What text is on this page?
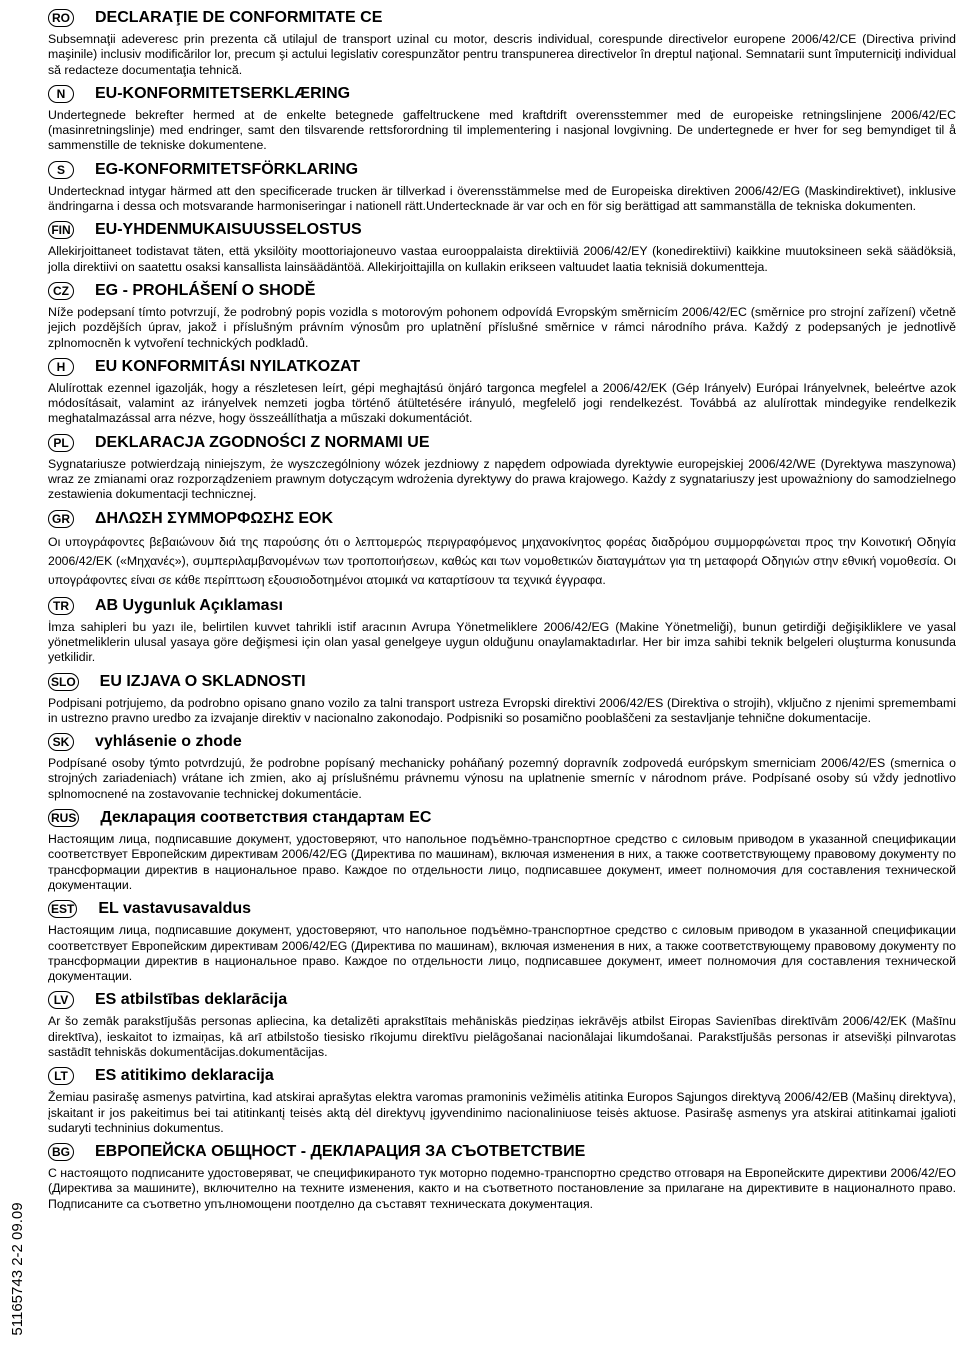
51165743 2-2 09.09
RO DECLARAŢIE DE CONFORMITATE CE
Subsemnaţii adeveresc prin prezenta că utilajul de transport uzinal cu motor, descris individual, corespunde directivelor europene 2006/42/CE (Directiva privind maşinile) inclusiv modificărilor lor, precum şi actului legislativ corespunzător pentru transpunerea directivelor în dreptul naţional. Semnatarii sunt împuterniciţi individual să redacteze documentaţia tehnică.
N	EU-KONFORMITETSERKLÆRING
Undertegnede bekrefter hermed at de enkelte betegnede gaffeltruckene med kraftdrift overensstemmer med de europeiske retningslinjene 2006/42/EC (masinretningslinje) med endringer, samt den tilsvarende rettsforordning til implementering i nasjonal lovgivning. De undertegnede er hver for seg bemyndiget til å sammenstille de tekniske dokumentene.
S	EG-KONFORMITETSFÖRKLARING
Undertecknad intygar härmed att den specificerade trucken är tillverkad i överensstämmelse med de Europeiska direktiven 2006/42/EG (Maskindirektivet), inklusive ändringarna i dessa och motsvarande harmoniseringar i nationell rätt.Undertecknade är var och en för sig berättigad att sammanställa de tekniska dokumenten.
FIN EU-YHDENMUKAISUUSSELOSTUS
Allekirjoittaneet todistavat täten, että yksilöity moottoriajoneuvo vastaa eurooppalaista direktiiviä 2006/42/EY (konedirektiivi) kaikkine muutoksineen sekä säädöksiä, jolla direktiivi on saatettu osaksi kansallista lainsäädäntöä. Allekirjoittajilla on kullakin erikseen valtuudet laatia teknisiä dokumentteja.
CZ	EG - PROHLÁŠENÍ O SHODĚ
Níže podepsaní tímto potvrzují, že podrobný popis vozidla s motorovým pohonem odpovídá Evropským směrnicím 2006/42/EC (směrnice pro strojní zařízení) včetně jejich pozdějších úprav, jakož i příslušným právním výnosům pro uplatnění příslušné směrnice v rámci národního práva. Každý z podepsaných je jednotlivě zplnomocněn k vytvoření technických podkladů.
H	EU KONFORMITÁSI NYILATKOZAT
Alulírottak ezennel igazolják, hogy a részletesen leírt, gépi meghajtású önjáró targonca megfelel a 2006/42/EK (Gép Irányelv) Európai Irányelvnek, beleértve azok módosításait, valamint az irányelvek nemzeti jogba történő átültetésére irányuló, megfelelő jogi rendelkezést. Továbbá az alulírottak mindegyike rendelkezik meghatalmazással arra nézve, hogy összeállíthatja a műszaki dokumentációt.
PL	DEKLARACJA ZGODNOŚCI Z NORMAMI UE
Sygnatariusze potwierdzają niniejszym, że wyszczególniony wózek jezdniowy z napędem odpowiada dyrektywie europejskiej 2006/42/WE (Dyrektywa maszynowa) wraz ze zmianami oraz rozporządzeniem prawnym dotyczącym wdrożenia dyrektywy do prawa krajowego. Każdy z sygnatariuszy jest upoważniony do samodzielnego zestawienia dokumentacji technicznej.
GR ΔΗΛΩΣΗ ΣΥΜΜΟΡΦΩΣΗΣ ΕΟΚ
Οι υπογράφοντες βεβαιώνουν διά της παρούσης ότι ο λεπτομερώς περιγραφόμενος μηχανοκίνητος φορέας διαδρόμου συμμορφώνεται προς την Κοινοτική Οδηγία 2006/42/ΕΚ («Μηχανές»), συμπεριλαμβανομένων των τροποποιήσεων, καθώς και των νομοθετικών διαταγμάτων για τη μεταφορά Οδηγιών στην εθνική νομοθεσία. Οι υπογράφοντες είναι σε κάθε περίπτωση εξουσιοδοτημένοι ατομικά να καταρτίσουν τα τεχνικά έγγραφα.
TR	AB Uygunluk Açıklaması
İmza sahipleri bu yazı ile, belirtilen kuvvet tahrikli istif aracının Avrupa Yönetmeliklere 2006/42/EG (Makine Yönetmeliği), bunun getirdiği değişikliklere ve yasal yönetmeliklerin ulusal yasaya göre değişmesi için olan yasal genelgeye uygun olduğunu onaylamaktadırlar. Her bir imza sahibi teknik belgeleri oluşturma konusunda yetkilidir.
SLO EU IZJAVA O SKLADNOSTI
Podpisani potrjujemo, da podrobno opisano gnano vozilo za talni transport ustreza Evropski direktivi 2006/42/ES (Direktiva o strojih), vključno z njenimi spremembami in ustrezno pravno uredbo za izvajanje direktiv v nacionalno zakonodajo. Podpisniki so posamično pooblaščeni za sestavljanje tehnične dokumentacije.
SK vyhlásenie o zhode
Podpísané osoby týmto potvrdzujú, že podrobne popísaný mechanicky poháňaný pozemný dopravník zodpovedá európskym smerniciam 2006/42/ES (smernica o strojných zariadeniach) vrátane ich zmien, ako aj príslušnému právnemu výnosu na uplatnenie smerníc v národnom práve. Podpísané osoby sú vždy jednotlivo splnomocnené na zostavovanie technickej dokumentácie.
RUS Декларация соответствия стандартам ЕС
Настоящим лица, подписавшие документ, удостоверяют, что напольное подъёмно-транспортное средство с силовым приводом в указанной спецификации соответствует Европейским директивам 2006/42/EG (Директива по машинам), включая изменения в них, а также соответствующему правовому документу по трансформации директив в национальное право. Каждое по отдельности лицо, подписавшее документ, имеет полномочия для составления технической документации.
EST EL vastavusavaldus
Настоящим лица, подписавшие документ, удостоверяют, что напольное подъёмно-транспортное средство с силовым приводом в указанной спецификации соответствует Европейским директивам 2006/42/EG (Директива по машинам), включая изменения в них, а также соответствующему правовому документу по трансформации директив в национальное право. Каждое по отдельности лицо, подписавшее документ, имеет полномочия для составления технической документации.
LV	ES atbilstības deklarācija
Ar šo zemāk parakstījušās personas apliecina, ka detalizēti aprakstītais mehāniskās piedziņas iekrāvējs atbilst Eiropas Savienības direktīvām 2006/42/EK (Mašīnu direktīva), ieskaitot to izmaiņas, kā arī atbilstošo tiesisko rīkojumu direktīvu pielāgošanai nacionālajai likumdošanai. Parakstījušās personas ir atsevišķi pilnvarotas sastādīt tehniskās dokumentācijas.dokumentācijas.
LT	ES atitikimo deklaracija
Žemiau pasirašę asmenys patvirtina, kad atskirai aprašytas elektra varomas pramoninis vežimėlis atitinka Europos Sąjungos direktyvą 2006/42/EB (Mašinų direktyva), įskaitant ir jos pakeitimus bei tai atitinkantį teisės aktą dėl direktyvų įgyvendinimo nacionaliniuose teisės aktuose. Pasirašę asmenys yra atskirai atitinkamai įgalioti sudaryti techninius dokumentus.
BG ЕВРОПЕЙСКА ОБЩНОСТ - ДЕКЛАРАЦИЯ ЗА СЪОТВЕТСТВИЕ
С настоящото подписаните удостоверяват, че спецификираното тук моторно подемно-транспортно средство отговаря на Европейските директиви 2006/42/ЕО (Директива за машините), включително на техните изменения, както и на съответното постановление за прилагане на директивите в националното право. Подписаните са съответно упълномощени поотделно да съставят техническата документация.
